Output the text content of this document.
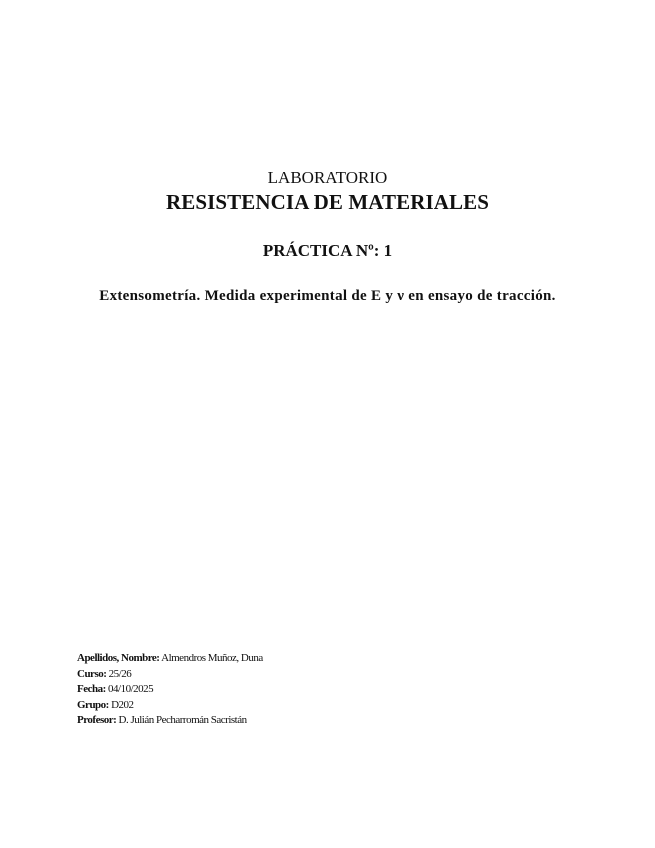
LABORATORIO
RESISTENCIA DE MATERIALES
PRÁCTICA Nº: 1
Extensometría. Medida experimental de E y ν en ensayo de tracción.
Apellidos, Nombre: Almendros Muñoz, Duna
Curso: 25/26
Fecha: 04/10/2025
Grupo: D202
Profesor: D. Julián Pecharromán Sacristán
